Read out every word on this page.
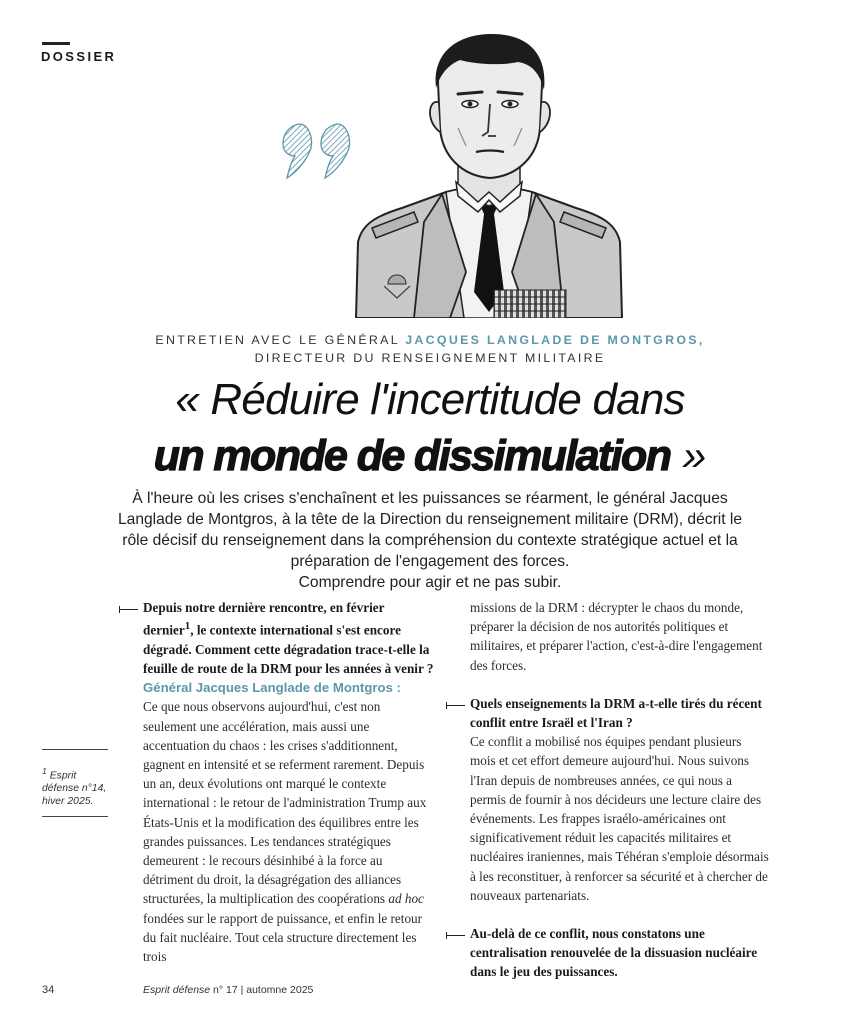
DOSSIER
ENTRETIEN AVEC LE GÉNÉRAL JACQUES LANGLADE DE MONTGROS,
DIRECTEUR DU RENSEIGNEMENT MILITAIRE
« Réduire l'incertitude dans
un monde de dissimulation »

À l'heure où les crises s'enchaînent et les puissances se réarment, le général Jacques Langlade de Montgros, à la tête de la Direction du renseignement militaire (DRM), décrit le rôle décisif du renseignement dans la compréhension du contexte stratégique actuel et la préparation de l'engagement des forces.

Comprendre pour agir et ne pas subir.

$^1$ Esprit défense n°14, hiver 2025.
Depuis notre dernière rencontre, en février dernier$^1$, le contexte international s'est encore dégradé. Comment cette dégradation trace-t-elle la feuille de route de la DRM pour les années à venir ?
Général Jacques Langlade de Montgros :

Ce que nous observons aujourd'hui, c'est non seulement une accélération, mais aussi une accentuation du chaos : les crises s'additionnent, gagnent en intensité et se referment rarement. Depuis un an, deux évolutions ont marqué le contexte international : le retour de l'administration Trump aux États-Unis et la modification des équilibres entre les grandes puissances. Les tendances stratégiques demeurent : le recours désinhibé à la force au détriment du droit, la désagrégation des alliances structurées, la multiplication des coopérations ad hoc fondées sur le rapport de puissance, et enfin le retour du fait nucléaire. Tout cela structure directement les trois

missions de la DRM : décrypter le chaos du monde, préparer la décision de nos autorités politiques et militaires, et préparer l'action, c'est-à-dire l'engagement des forces.

Quels enseignements la DRM a-t-elle tirés du récent conflit entre Israël et l'Iran ?

Ce conflit a mobilisé nos équipes pendant plusieurs mois et cet effort demeure aujourd'hui. Nous suivons l'Iran depuis de nombreuses années, ce qui nous a permis de fournir à nos décideurs une lecture claire des événements. Les frappes israélo-américaines ont significativement réduit les capacités militaires et nucléaires iraniennes, mais Téhéran s'emploie désormais à les reconstituer, à renforcer sa sécurité et à chercher de nouveaux partenariats.

Au-delà de ce conflit, nous constatons une centralisation renouvelée de la dissuasion nucléaire dans le jeu des puissances.
34	Esprit défense n° 17 | automne 2025
